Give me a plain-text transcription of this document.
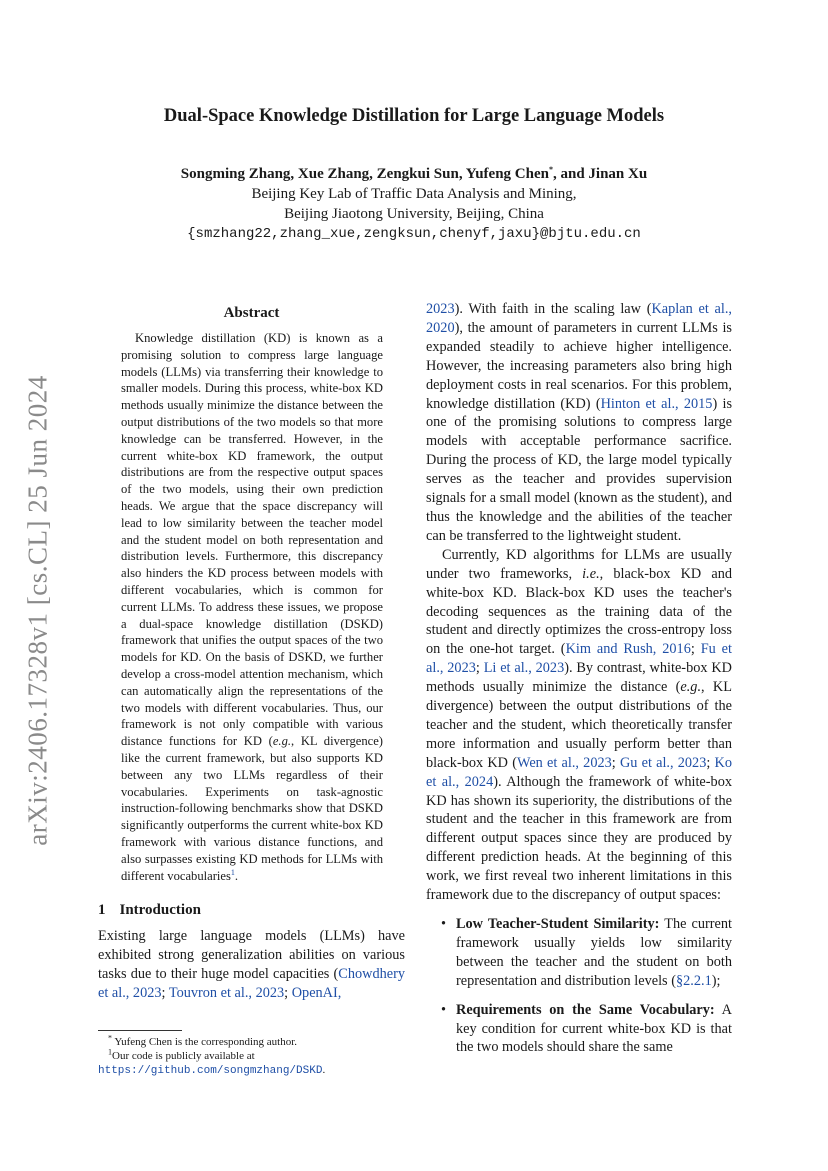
arXiv:2406.17328v1 [cs.CL] 25 Jun 2024
Dual-Space Knowledge Distillation for Large Language Models
Songming Zhang, Xue Zhang, Zengkui Sun, Yufeng Chen*, and Jinan Xu
Beijing Key Lab of Traffic Data Analysis and Mining,
Beijing Jiaotong University, Beijing, China
{smzhang22,zhang_xue,zengksun,chenyf,jaxu}@bjtu.edu.cn
Abstract

Knowledge distillation (KD) is known as a promising solution to compress large language models (LLMs) via transferring their knowledge to smaller models. During this process, white-box KD methods usually minimize the distance between the output distributions of the two models so that more knowledge can be transferred. However, in the current white-box KD framework, the output distributions are from the respective output spaces of the two models, using their own prediction heads. We argue that the space discrepancy will lead to low similarity between the teacher model and the student model on both representation and distribution levels. Furthermore, this discrepancy also hinders the KD process between models with different vocabularies, which is common for current LLMs. To address these issues, we propose a dual-space knowledge distillation (DSKD) framework that unifies the output spaces of the two models for KD. On the basis of DSKD, we further develop a cross-model attention mechanism, which can automatically align the representations of the two models with different vocabularies. Thus, our framework is not only compatible with various distance functions for KD (e.g., KL divergence) like the current framework, but also supports KD between any two LLMs regardless of their vocabularies. Experiments on task-agnostic instruction-following benchmarks show that DSKD significantly outperforms the current white-box KD framework with various distance functions, and also surpasses existing KD methods for LLMs with different vocabularies$^1$.

1 Introduction

Existing large language models (LLMs) have exhibited strong generalization abilities on various tasks due to their huge model capacities (Chowdhery et al., 2023; Touvron et al., 2023; OpenAI,

* Yufeng Chen is the corresponding author.

$^1$Our code is publicly available at https://github.com/songmzhang/DSKD.

2023). With faith in the scaling law (Kaplan et al., 2020), the amount of parameters in current LLMs is expanded steadily to achieve higher intelligence. However, the increasing parameters also bring high deployment costs in real scenarios. For this problem, knowledge distillation (KD) (Hinton et al., 2015) is one of the promising solutions to compress large models with acceptable performance sacrifice. During the process of KD, the large model typically serves as the teacher and provides supervision signals for a small model (known as the student), and thus the knowledge and the abilities of the teacher can be transferred to the lightweight student.

Currently, KD algorithms for LLMs are usually under two frameworks, i.e., black-box KD and white-box KD. Black-box KD uses the teacher's decoding sequences as the training data of the student and directly optimizes the cross-entropy loss on the one-hot target. (Kim and Rush, 2016; Fu et al., 2023; Li et al., 2023). By contrast, white-box KD methods usually minimize the distance (e.g., KL divergence) between the output distributions of the teacher and the student, which theoretically transfer more information and usually perform better than black-box KD (Wen et al., 2023; Gu et al., 2023; Ko et al., 2024). Although the framework of white-box KD has shown its superiority, the distributions of the student and the teacher in this framework are from different output spaces since they are produced by different prediction heads. At the beginning of this work, we first reveal two inherent limitations in this framework due to the discrepancy of output spaces:

• Low Teacher-Student Similarity: The current framework usually yields low similarity between the teacher and the student on both representation and distribution levels (§2.2.1);
• Requirements on the Same Vocabulary: A key condition for current white-box KD is that the two models should share the same
